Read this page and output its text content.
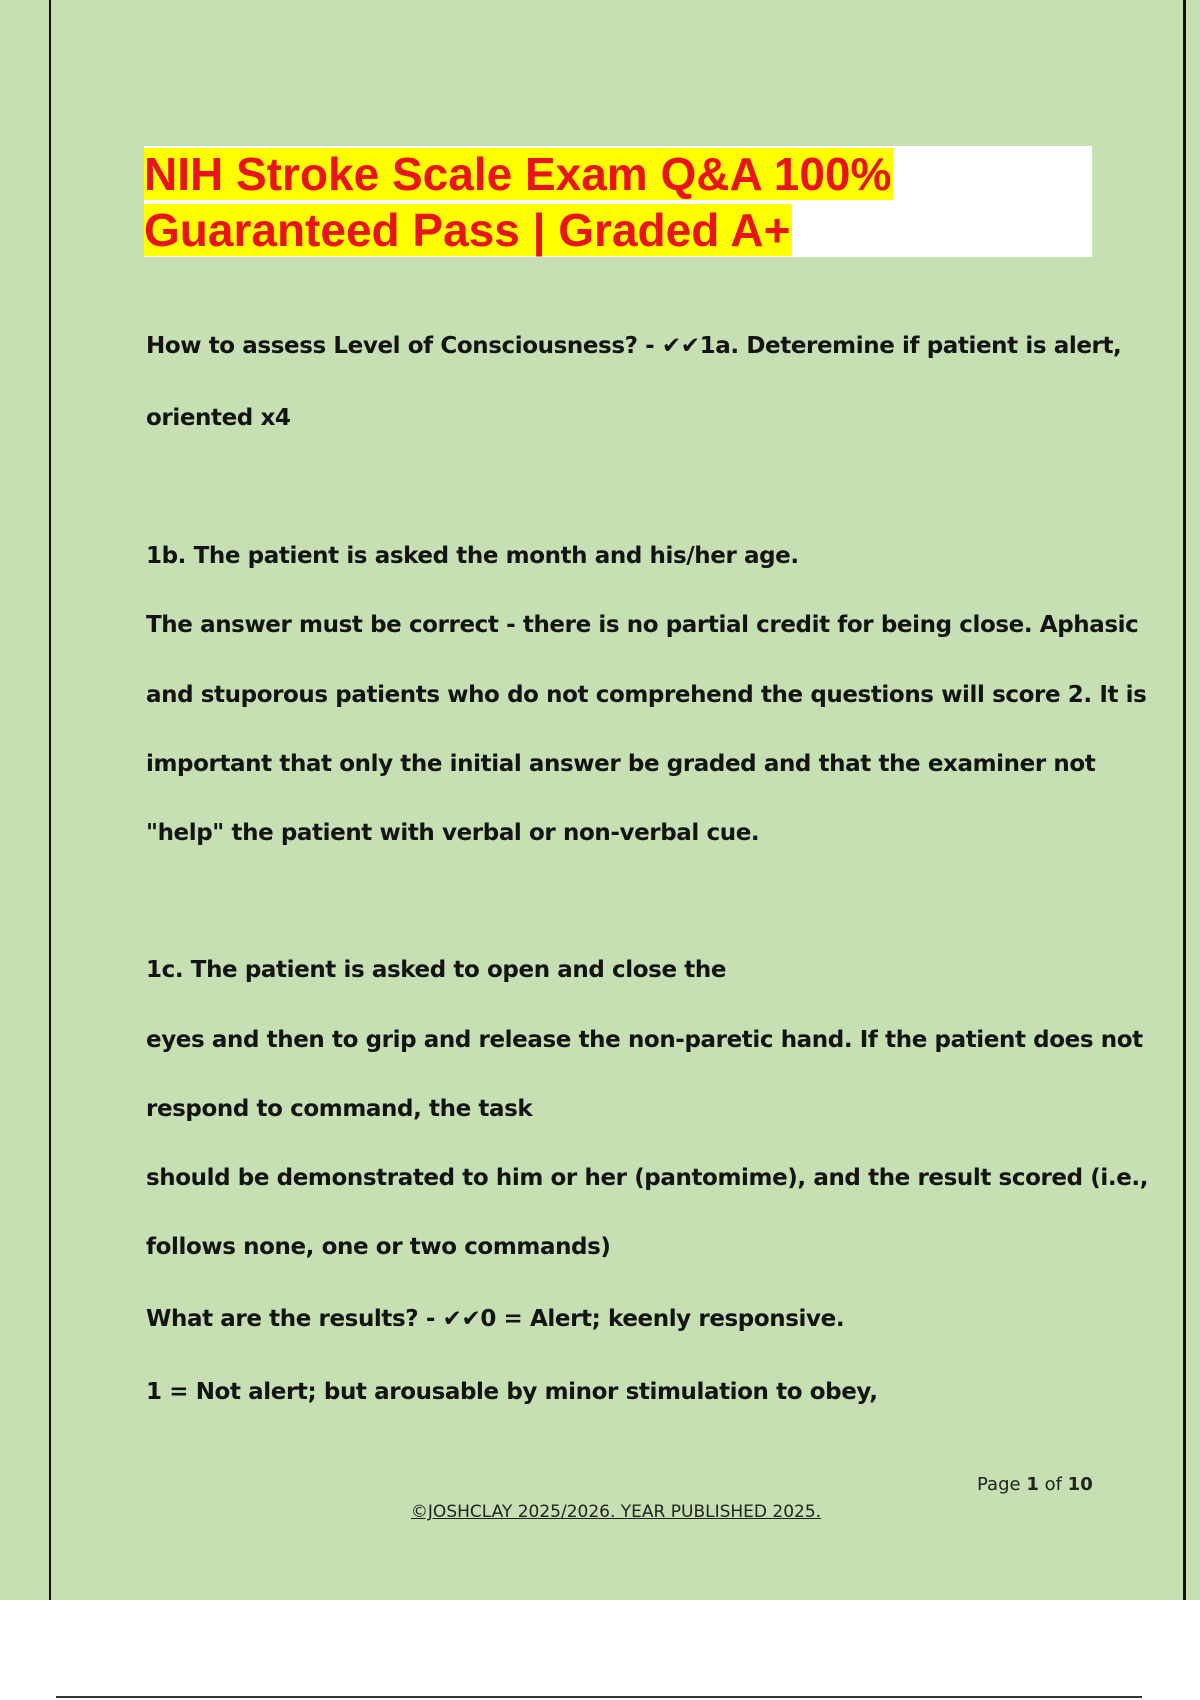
NIH Stroke Scale Exam Q&A 100%
Guaranteed Pass | Graded A+
How to assess Level of Consciousness? - ✔✔1a. Deteremine if patient is alert,
oriented x4
1b. The patient is asked the month and his/her age.
The answer must be correct - there is no partial credit for being close. Aphasic
and stuporous patients who do not comprehend the questions will score 2. It is
important that only the initial answer be graded and that the examiner not
"help" the patient with verbal or non-verbal cue.
1c. The patient is asked to open and close the
eyes and then to grip and release the non-paretic hand. If the patient does not
respond to command, the task
should be demonstrated to him or her (pantomime), and the result scored (i.e.,
follows none, one or two commands)
What are the results? - ✔✔0 = Alert; keenly responsive.
1 = Not alert; but arousable by minor stimulation to obey,
Page 1 of 10
©JOSHCLAY 2025/2026. YEAR PUBLISHED 2025.
